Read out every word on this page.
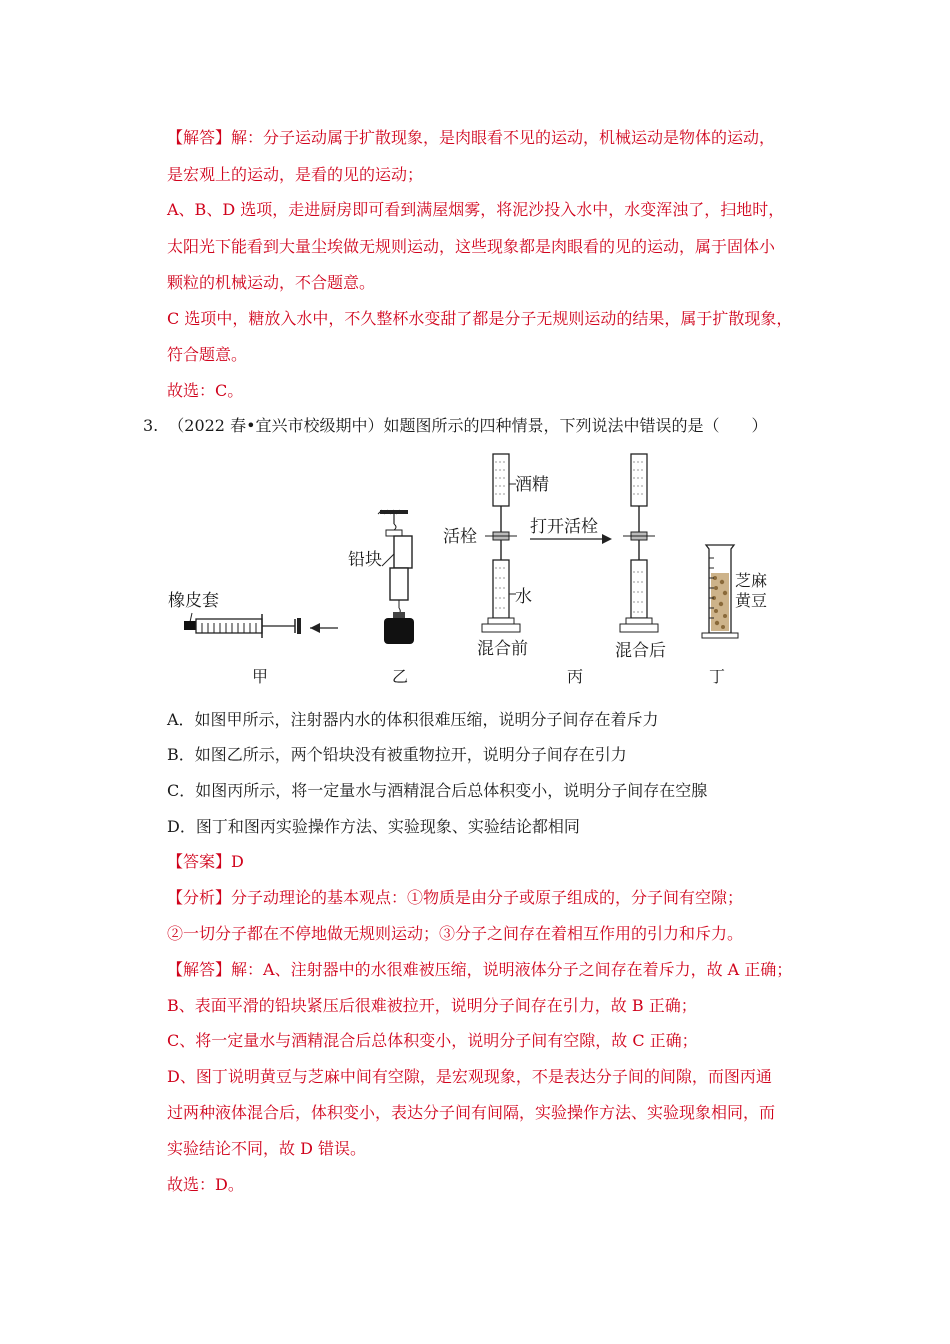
【解答】解：分子运动属于扩散现象，是肉眼看不见的运动，机械运动是物体的运动，
是宏观上的运动，是看的见的运动；
A、B、D 选项，走进厨房即可看到满屋烟雾，将泥沙投入水中，水变浑浊了，扫地时，
太阳光下能看到大量尘埃做无规则运动，这些现象都是肉眼看的见的运动，属于固体小
颗粒的机械运动，不合题意。
C 选项中，糖放入水中，不久整杯水变甜了都是分子无规则运动的结果，属于扩散现象，
符合题意。
故选：C。
3. （2022 春•宜兴市校级期中）如题图所示的四种情景，下列说法中错误的是（　　）
橡皮套
甲
铅块
乙
酒精
活栓
水
混合前
打开活栓
混合后
丙
芝麻
黄豆
丁
A．如图甲所示，注射器内水的体积很难压缩，说明分子间存在着斥力
B．如图乙所示，两个铅块没有被重物拉开，说明分子间存在引力
C．如图丙所示，将一定量水与酒精混合后总体积变小，说明分子间存在空腺
D．图丁和图丙实验操作方法、实验现象、实验结论都相同
【答案】D
【分析】分子动理论的基本观点：①物质是由分子或原子组成的，分子间有空隙；
②一切分子都在不停地做无规则运动；③分子之间存在着相互作用的引力和斥力。
【解答】解：A、注射器中的水很难被压缩，说明液体分子之间存在着斥力，故 A 正确；
B、表面平滑的铅块紧压后很难被拉开，说明分子间存在引力，故 B 正确；
C、将一定量水与酒精混合后总体积变小，说明分子间有空隙，故 C 正确；
D、图丁说明黄豆与芝麻中间有空隙，是宏观现象，不是表达分子间的间隙，而图丙通
过两种液体混合后，体积变小，表达分子间有间隔，实验操作方法、实验现象相同，而
实验结论不同，故 D 错误。
故选：D。
